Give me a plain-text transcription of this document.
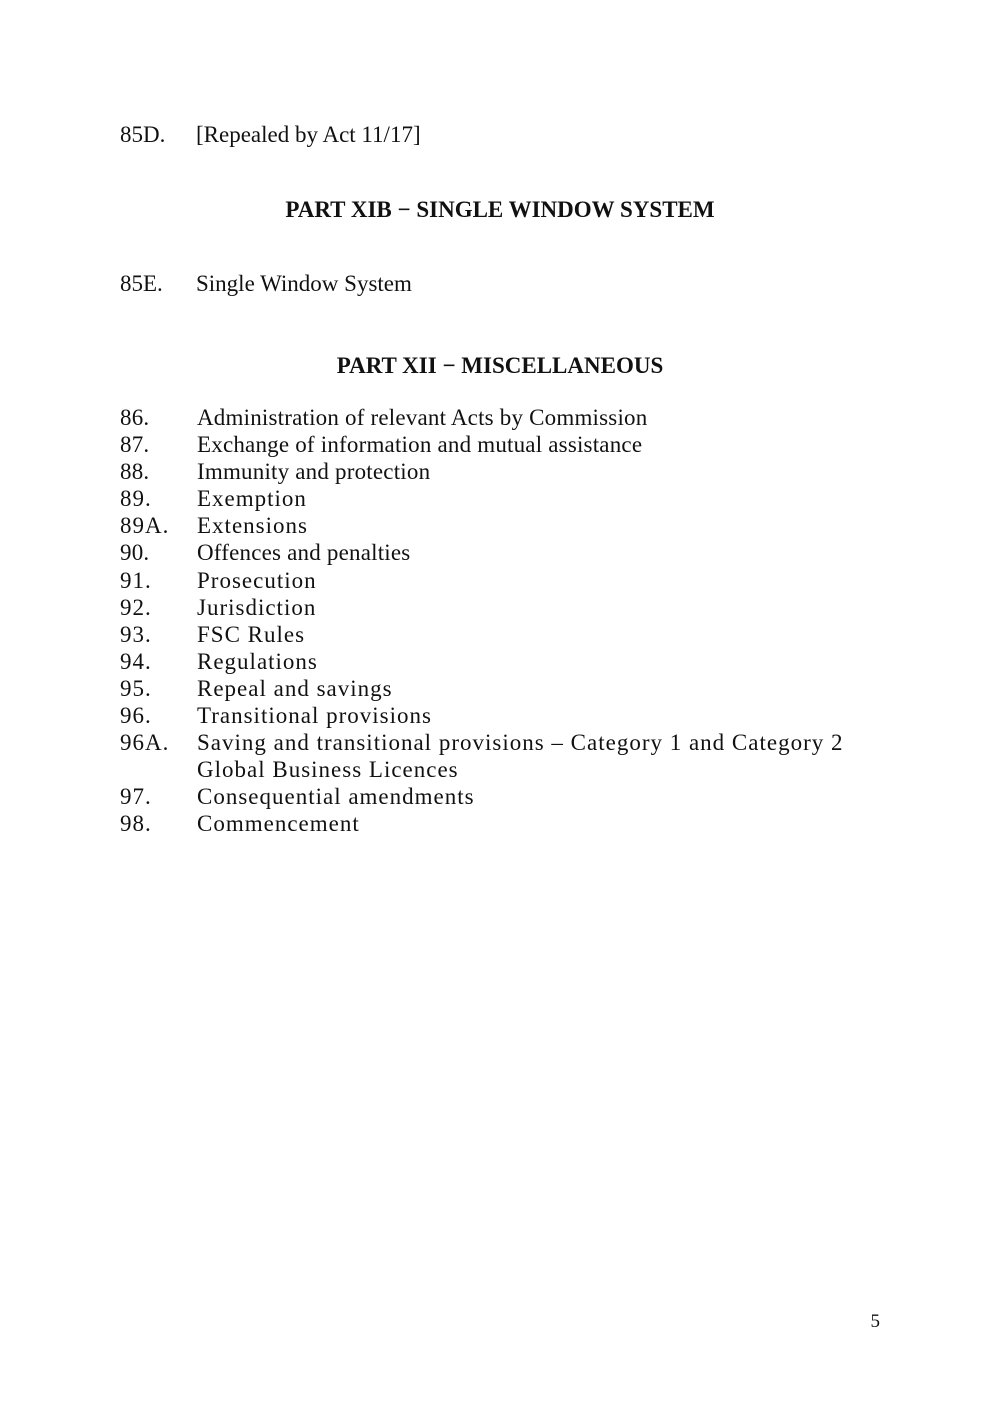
85D. [Repealed by Act 11/17]
PART XIB − SINGLE WINDOW SYSTEM
85E. Single Window System
PART XII − MISCELLANEOUS
86.	Administration of relevant Acts by Commission
87.	Exchange of information and mutual assistance
88.	Immunity and protection
89.	Exemption
89A.	Extensions
90.	Offences and penalties
91.	Prosecution
92.	Jurisdiction
93.	FSC Rules
94.	Regulations
95.	Repeal and savings
96.	Transitional provisions
96A.	Saving and transitional provisions – Category 1 and Category 2 Global Business Licences
97.	Consequential amendments
98.	Commencement
5
